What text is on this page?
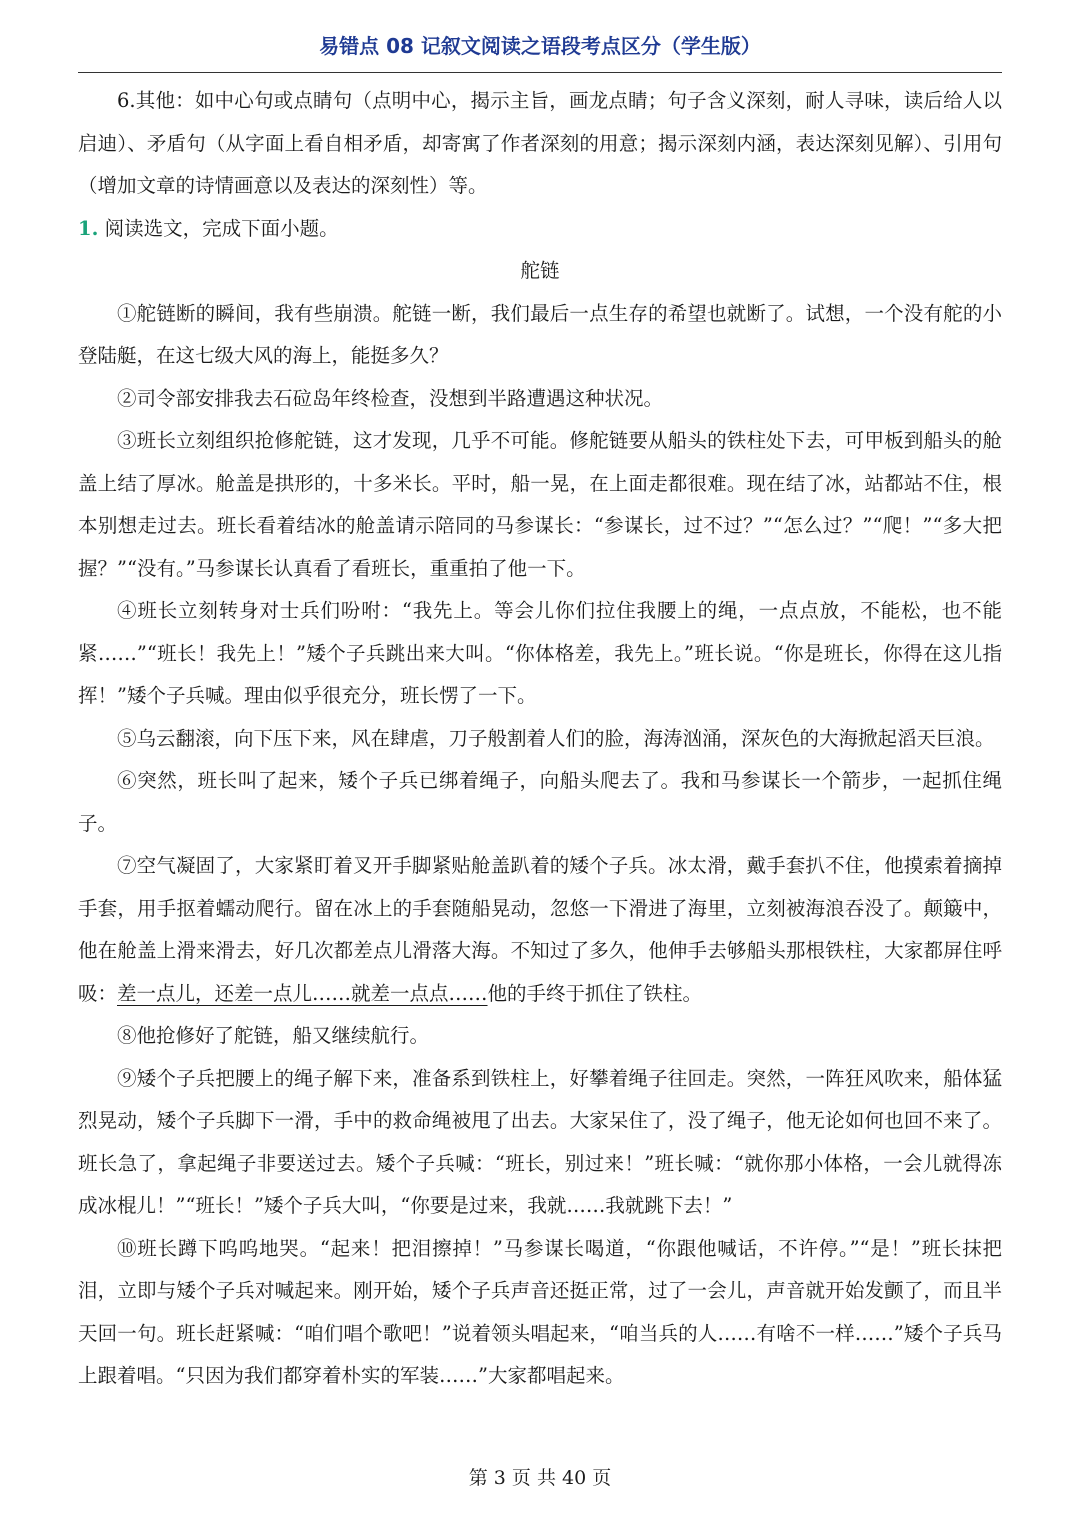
易错点 08 记叙文阅读之语段考点区分（学生版）

6.其他：如中心句或点睛句（点明中心，揭示主旨，画龙点睛；句子含义深刻，耐人寻味，读后给人以启迪）、矛盾句（从字面上看自相矛盾，却寄寓了作者深刻的用意；揭示深刻内涵，表达深刻见解）、引用句（增加文章的诗情画意以及表达的深刻性）等。

1. 阅读选文，完成下面小题。

舵链

①舵链断的瞬间，我有些崩溃。舵链一断，我们最后一点生存的希望也就断了。试想，一个没有舵的小登陆艇，在这七级大风的海上，能挺多久？

②司令部安排我去石砬岛年终检查，没想到半路遭遇这种状况。

③班长立刻组织抢修舵链，这才发现，几乎不可能。修舵链要从船头的铁柱处下去，可甲板到船头的舱盖上结了厚冰。舱盖是拱形的，十多米长。平时，船一晃，在上面走都很难。现在结了冰，站都站不住，根本别想走过去。班长看着结冰的舱盖请示陪同的马参谋长：“参谋长，过不过？”“怎么过？”“爬！”“多大把握？”“没有。”马参谋长认真看了看班长，重重拍了他一下。

④班长立刻转身对士兵们吩咐：“我先上。等会儿你们拉住我腰上的绳，一点点放，不能松，也不能紧……”“班长！我先上！”矮个子兵跳出来大叫。“你体格差，我先上。”班长说。“你是班长，你得在这儿指挥！”矮个子兵喊。理由似乎很充分，班长愣了一下。

⑤乌云翻滚，向下压下来，风在肆虐，刀子般割着人们的脸，海涛汹涌，深灰色的大海掀起滔天巨浪。

⑥突然，班长叫了起来，矮个子兵已绑着绳子，向船头爬去了。我和马参谋长一个箭步，一起抓住绳子。

⑦空气凝固了，大家紧盯着叉开手脚紧贴舱盖趴着的矮个子兵。冰太滑，戴手套扒不住，他摸索着摘掉手套，用手抠着蠕动爬行。留在冰上的手套随船晃动，忽悠一下滑进了海里，立刻被海浪吞没了。颠簸中，他在舱盖上滑来滑去，好几次都差点儿滑落大海。不知过了多久，他伸手去够船头那根铁柱，大家都屏住呼吸：差一点儿，还差一点儿……就差一点点……他的手终于抓住了铁柱。

⑧他抢修好了舵链，船又继续航行。

⑨矮个子兵把腰上的绳子解下来，准备系到铁柱上，好攀着绳子往回走。突然，一阵狂风吹来，船体猛烈晃动，矮个子兵脚下一滑，手中的救命绳被甩了出去。大家呆住了，没了绳子，他无论如何也回不来了。班长急了，拿起绳子非要送过去。矮个子兵喊：“班长，别过来！”班长喊：“就你那小体格，一会儿就得冻成冰棍儿！”“班长！”矮个子兵大叫，“你要是过来，我就……我就跳下去！”

⑩班长蹲下呜呜地哭。“起来！把泪擦掉！”马参谋长喝道，“你跟他喊话，不许停。”“是！”班长抹把泪，立即与矮个子兵对喊起来。刚开始，矮个子兵声音还挺正常，过了一会儿，声音就开始发颤了，而且半天回一句。班长赶紧喊：“咱们唱个歌吧！”说着领头唱起来，“咱当兵的人……有啥不一样……”矮个子兵马上跟着唱。“只因为我们都穿着朴实的军装……”大家都唱起来。

第 3 页 共 40 页
